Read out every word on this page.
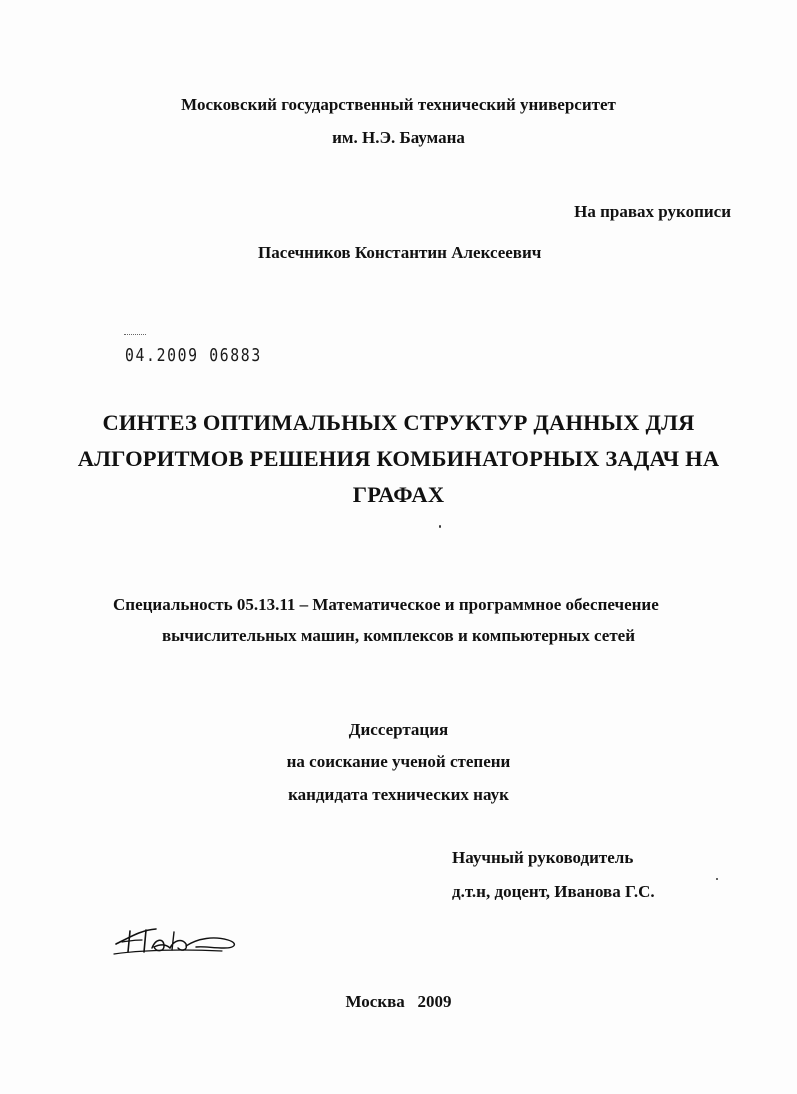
Московский государственный технический университет
им. Н.Э. Баумана
На правах рукописи
Пасечников Константин Алексеевич
04.2009 06883
СИНТЕЗ ОПТИМАЛЬНЫХ СТРУКТУР ДАННЫХ ДЛЯ
АЛГОРИТМОВ РЕШЕНИЯ КОМБИНАТОРНЫХ ЗАДАЧ НА
ГРАФАХ
Специальность 05.13.11 – Математическое и программное обеспечение
вычислительных машин, комплексов и компьютерных сетей
Диссертация
на соискание ученой степени
кандидата технических наук
Научный руководитель
д.т.н, доцент, Иванова Г.С.
Москва   2009
